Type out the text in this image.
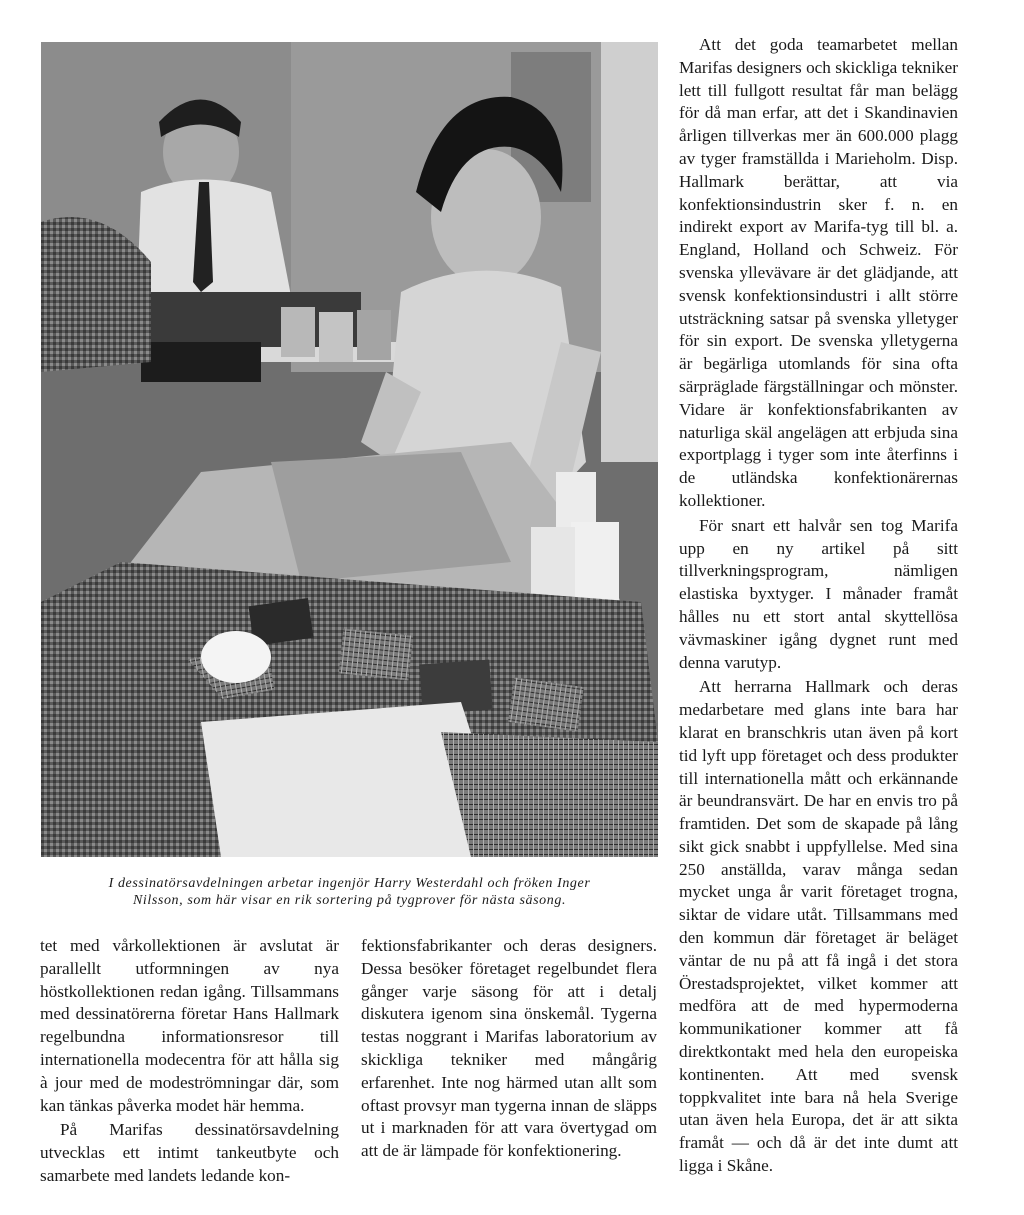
I dessinatörsavdelningen arbetar ingenjör Harry Westerdahl och fröken Inger
Nilsson, som här visar en rik sortering på tygprover för nästa säsong.

Att det goda teamarbetet mellan Marifas designers och skickliga tekniker lett till fullgott resultat får man belägg för då man erfar, att det i Skandinavien årligen tillverkas mer än 600.000 plagg av tyger framställda i Marieholm. Disp. Hallmark berättar, att via konfektionsindustrin sker f. n. en indirekt export av Marifa-tyg till bl. a. England, Holland och Schweiz. För svenska yllevävare är det glädjande, att svensk konfektionsindustri i allt större utsträckning satsar på svenska ylletyger för sin export. De svenska ylletygerna är begärliga utomlands för sina ofta särpräglade färgställningar och mönster. Vidare är konfektionsfabrikanten av naturliga skäl angelägen att erbjuda sina exportplagg i tyger som inte återfinns i de utländska konfektionärernas kollektioner.

För snart ett halvår sen tog Marifa upp en ny artikel på sitt tillverkningsprogram, nämligen elastiska byxtyger. I månader framåt hålles nu ett stort antal skyttellösa vävmaskiner igång dygnet runt med denna varutyp.

Att herrarna Hallmark och deras medarbetare med glans inte bara har klarat en branschkris utan även på kort tid lyft upp företaget och dess produkter till internationella mått och erkännande är beundransvärt. De har en envis tro på framtiden. Det som de skapade på lång sikt gick snabbt i uppfyllelse. Med sina 250 anställda, varav många sedan mycket unga år varit företaget trogna, siktar de vidare utåt. Tillsammans med den kommun där företaget är beläget väntar de nu på att få ingå i det stora Örestadsprojektet, vilket kommer att medföra att de med hypermoderna kommunikationer kommer att få direktkontakt med hela den europeiska kontinenten. Att med svensk toppkvalitet inte bara nå hela Sverige utan även hela Europa, det är att sikta framåt — och då är det inte dumt att ligga i Skåne.

tet med vårkollektionen är avslutat är parallellt utformningen av nya höstkollektionen redan igång. Tillsammans med dessinatörerna företar Hans Hallmark regelbundna informationsresor till internationella modecentra för att hålla sig à jour med de modeströmningar där, som kan tänkas påverka modet här hemma.

På Marifas dessinatörsavdelning utvecklas ett intimt tankeutbyte och samarbete med landets ledande kon-

fektionsfabrikanter och deras designers. Dessa besöker företaget regelbundet flera gånger varje säsong för att i detalj diskutera igenom sina önskemål. Tygerna testas noggrant i Marifas laboratorium av skickliga tekniker med mångårig erfarenhet. Inte nog härmed utan allt som oftast provsyr man tygerna innan de släpps ut i marknaden för att vara övertygad om att de är lämpade för konfektionering.
